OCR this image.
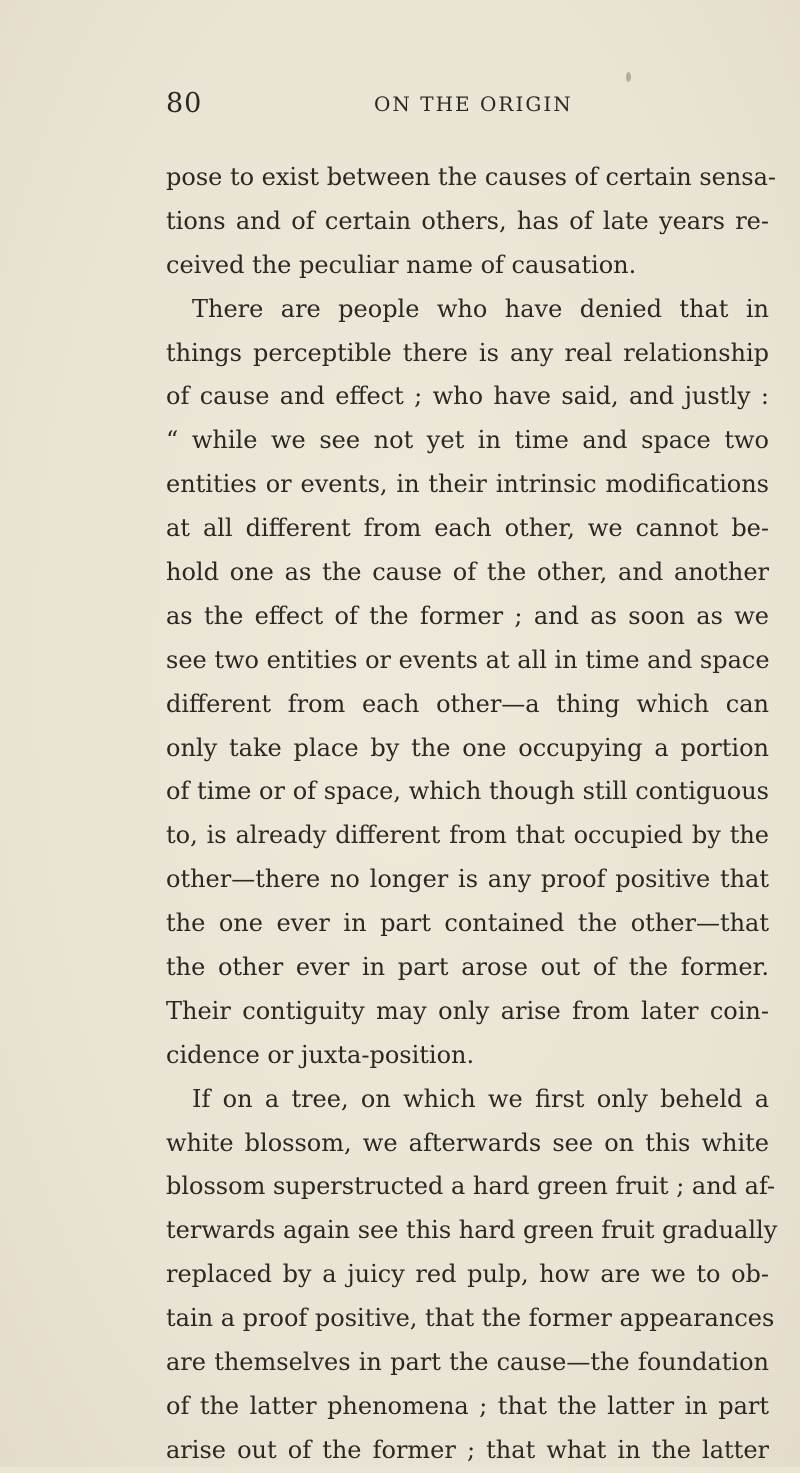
80	ON THE ORIGIN
pose to exist between the causes of certain sensa-
tions and of certain others, has of late years re-
ceived the peculiar name of causation.
There are people who have denied that in
things perceptible there is any real relationship
of cause and effect ; who have said, and justly :
“ while we see not yet in time and space two
entities or events, in their intrinsic modifications
at all different from each other, we cannot be-
hold one as the cause of the other, and another
as the effect of the former ; and as soon as we
see two entities or events at all in time and space
different from each other—a thing which can
only take place by the one occupying a portion
of time or of space, which though still contiguous
to, is already different from that occupied by the
other—there no longer is any proof positive that
the one ever in part contained the other—that
the other ever in part arose out of the former.
Their contiguity may only arise from later coin-
cidence or juxta-position.
If on a tree, on which we first only beheld a
white blossom, we afterwards see on this white
blossom superstructed a hard green fruit ; and af-
terwards again see this hard green fruit gradually
replaced by a juicy red pulp, how are we to ob-
tain a proof positive, that the former appearances
are themselves in part the cause—the foundation
of the latter phenomena ; that the latter in part
arise out of the former ; that what in the latter
